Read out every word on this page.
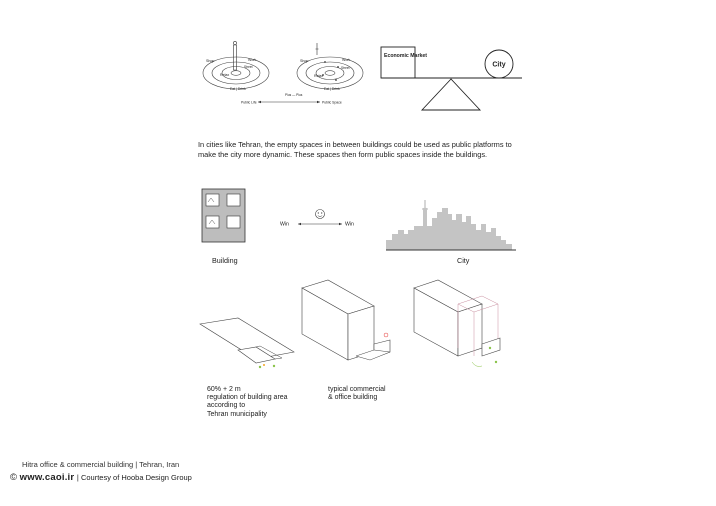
Shop	Work
Street
Relax
Eat | Drink
Shop	Work
Street
Relax
Eat | Drink
Plus — Plus
Public Life	Public Space
Economic Market
City
In cities like Tehran, the empty spaces in between buildings could be used as public platforms to make the city more dynamic. These spaces then form public spaces inside the buildings.
Building
Win	Win
City
60% + 2 m
regulation of building area
according to
Tehran municipality
typical commercial
& office building
Hitra office & commercial building | Tehran, Iran
© www.caoi.ir | Courtesy of Hooba Design Group
